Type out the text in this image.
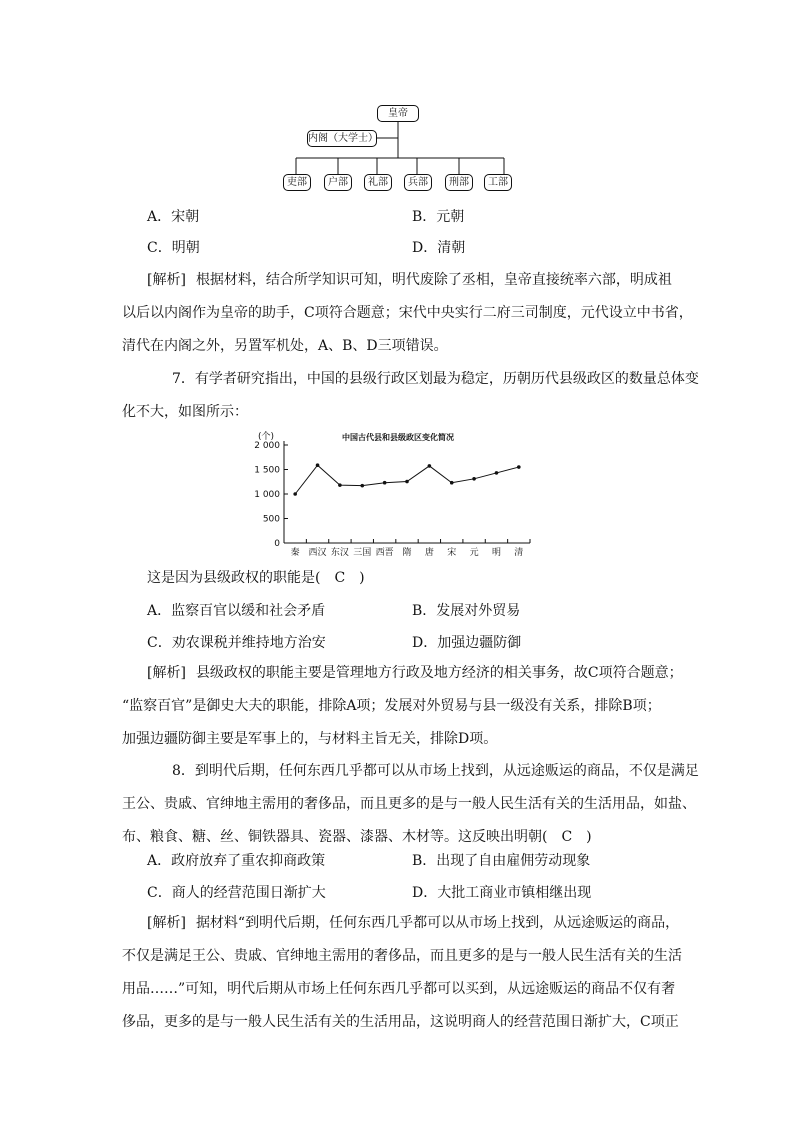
皇帝
内阁（大学士）
吏部	户部	礼部	兵部	刑部	工部
A．宋朝	B．元朝
C．明朝	D．清朝

[解析] 根据材料，结合所学知识可知，明代废除了丞相，皇帝直接统率六部，明成祖

以后以内阁作为皇帝的助手，C项符合题意；宋代中央实行二府三司制度，元代设立中书省，

清代在内阁之外，另置军机处，A、B、D三项错误。

7．有学者研究指出，中国的县级行政区划最为稳定，历朝历代县级政区的数量总体变

化不大，如图所示：

(个)	中国古代县和县级政区变化简况
0
500
1 000
1 500
2 000
秦 西汉 东汉 三国 西晋 隋 唐 宋 元 明 清
这是因为县级政权的职能是(　C　)
A．监察百官以缓和社会矛盾	B．发展对外贸易
C．劝农课税并维持地方治安	D．加强边疆防御

[解析] 县级政权的职能主要是管理地方行政及地方经济的相关事务，故C项符合题意；

“监察百官”是御史大夫的职能，排除A项；发展对外贸易与县一级没有关系，排除B项；

加强边疆防御主要是军事上的，与材料主旨无关，排除D项。

8．到明代后期，任何东西几乎都可以从市场上找到，从远途贩运的商品，不仅是满足

王公、贵戚、官绅地主需用的奢侈品，而且更多的是与一般人民生活有关的生活用品，如盐、

布、粮食、糖、丝、铜铁器具、瓷器、漆器、木材等。这反映出明朝(　C　)

A．政府放弃了重农抑商政策	B．出现了自由雇佣劳动现象
C．商人的经营范围日渐扩大	D．大批工商业市镇相继出现

[解析] 据材料“到明代后期，任何东西几乎都可以从市场上找到，从远途贩运的商品，

不仅是满足王公、贵戚、官绅地主需用的奢侈品，而且更多的是与一般人民生活有关的生活

用品……”可知，明代后期从市场上任何东西几乎都可以买到，从远途贩运的商品不仅有奢

侈品，更多的是与一般人民生活有关的生活用品，这说明商人的经营范围日渐扩大，C项正
